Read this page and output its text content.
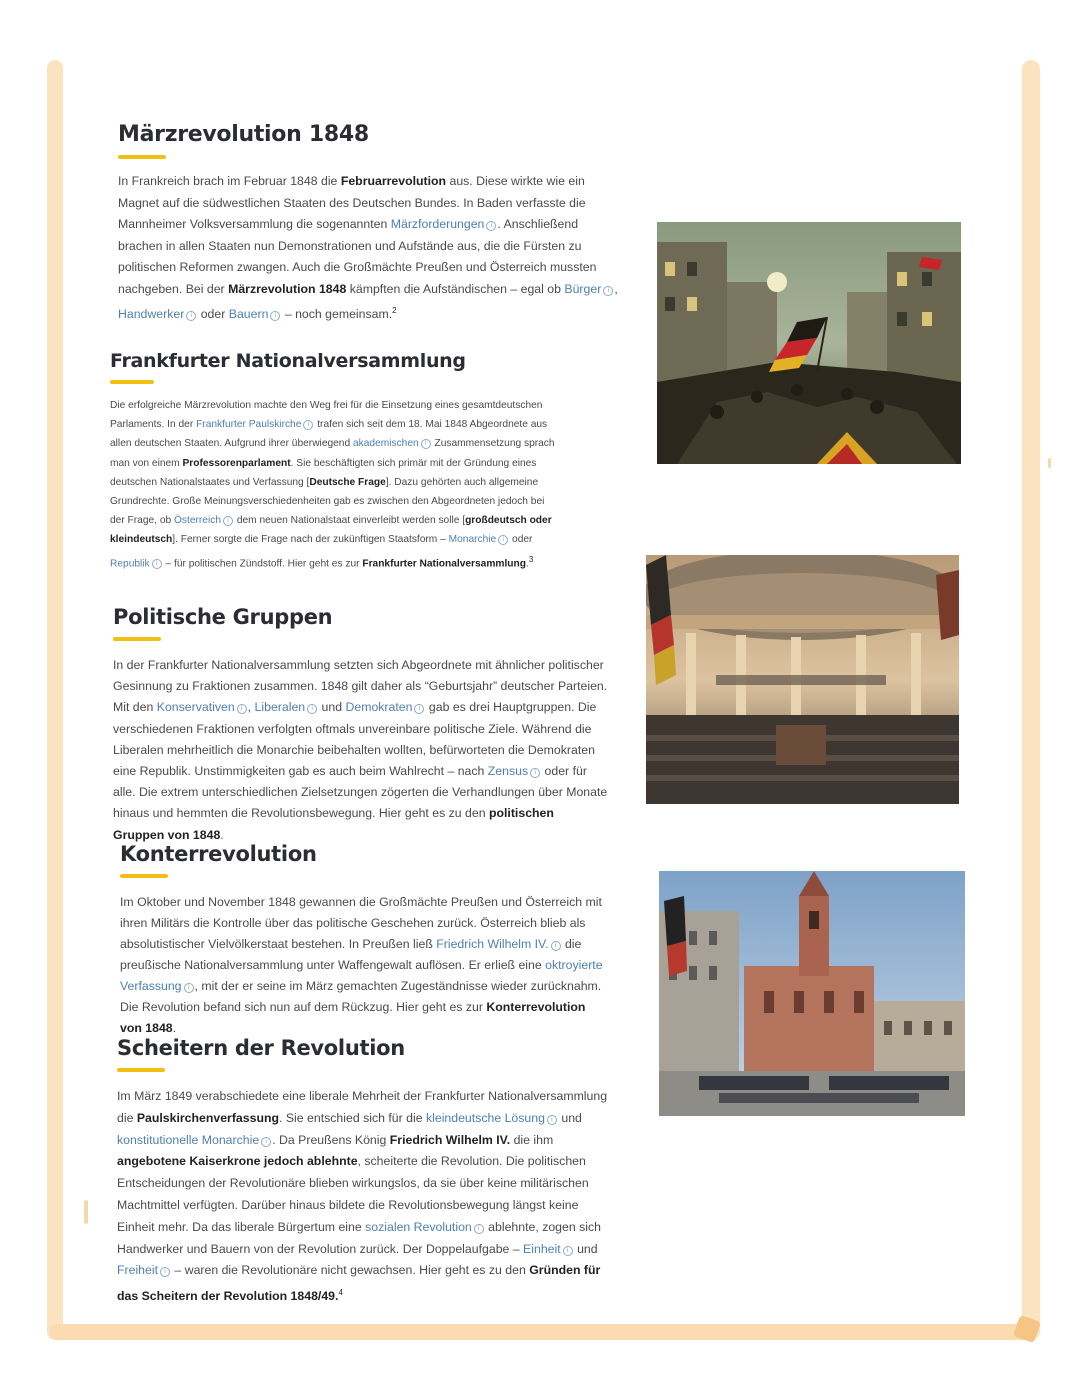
Märzrevolution 1848

In Frankreich brach im Februar 1848 die Februarrevolution aus. Diese wirkte wie ein Magnet auf die südwestlichen Staaten des Deutschen Bundes. In Baden verfasste die Mannheimer Volksversammlung die sogenannten Märzforderungen i . Anschließend brachen in allen Staaten nun Demonstrationen und Aufstände aus, die die Fürsten zu politischen Reformen zwangen. Auch die Großmächte Preußen und Österreich mussten nachgeben. Bei der Märzrevolution 1848 kämpften die Aufständischen – egal ob Bürgeri , Handwerkeri oder Bauerni – noch gemeinsam.$^2$

Frankfurter Nationalversammlung

Die erfolgreiche Märzrevolution machte den Weg frei für die Einsetzung eines gesamtdeutschen Parlaments. In der Frankfurter Paulskirchei trafen sich seit dem 18. Mai 1848 Abgeordnete aus allen deutschen Staaten. Aufgrund ihrer überwiegend akademischeni Zusammensetzung sprach man von einem Professorenparlament. Sie beschäftigten sich primär mit der Gründung eines deutschen Nationalstaates und Verfassung [Deutsche Frage]. Dazu gehörten auch allgemeine Grundrechte. Große Meinungsverschiedenheiten gab es zwischen den Abgeordneten jedoch bei der Frage, ob Österreichi dem neuen Nationalstaat einverleibt werden solle [großdeutsch oder kleindeutsch]. Ferner sorgte die Frage nach der zukünftigen Staatsform – Monarchiei oder Republiki – für politischen Zündstoff. Hier geht es zur Frankfurter Nationalversammlung.$^3$

Politische Gruppen

In der Frankfurter Nationalversammlung setzten sich Abgeordnete mit ähnlicher politischer Gesinnung zu Fraktionen zusammen. 1848 gilt daher als “Geburtsjahr” deutscher Parteien. Mit den Konservativen i , Liberaleni und Demokrateni gab es drei Hauptgruppen. Die verschiedenen Fraktionen verfolgten oftmals unvereinbare politische Ziele. Während die Liberalen mehrheitlich die Monarchie beibehalten wollten, befürworteten die Demokraten eine Republik. Unstimmigkeiten gab es auch beim Wahlrecht – nach Zensusi oder für alle. Die extrem unterschiedlichen Zielsetzungen zögerten die Verhandlungen über Monate hinaus und hemmten die Revolutionsbewegung. Hier geht es zu den politischen Gruppen von 1848.

Konterrevolution

Im Oktober und November 1848 gewannen die Großmächte Preußen und Österreich mit ihren Militärs die Kontrolle über das politische Geschehen zurück. Österreich blieb als absolutistischer Vielvölkerstaat bestehen. In Preußen ließ Friedrich Wilhelm IV.i die preußische Nationalversammlung unter Waffengewalt auflösen. Er erließ eine oktroyierte Verfassung i , mit der er seine im März gemachten Zugeständnisse wieder zurücknahm. Die Revolution befand sich nun auf dem Rückzug. Hier geht es zur Konterrevolution von 1848.

Scheitern der Revolution

Im März 1849 verabschiedete eine liberale Mehrheit der Frankfurter Nationalversammlung die Paulskirchenverfassung. Sie entschied sich für die kleindeutsche Lösungi und konstitutionelle Monarchie i . Da Preußens König Friedrich Wilhelm IV. die ihm angebotene Kaiserkrone jedoch ablehnte, scheiterte die Revolution. Die politischen Entscheidungen der Revolutionäre blieben wirkungslos, da sie über keine militärischen Machtmittel verfügten. Darüber hinaus bildete die Revolutionsbewegung längst keine Einheit mehr. Da das liberale Bürgertum eine sozialen Revolutioni ablehnte, zogen sich Handwerker und Bauern von der Revolution zurück. Der Doppelaufgabe – Einheiti und Freiheiti – waren die Revolutionäre nicht gewachsen. Hier geht es zu den Gründen für das Scheitern der Revolution 1848/49.$^4$
